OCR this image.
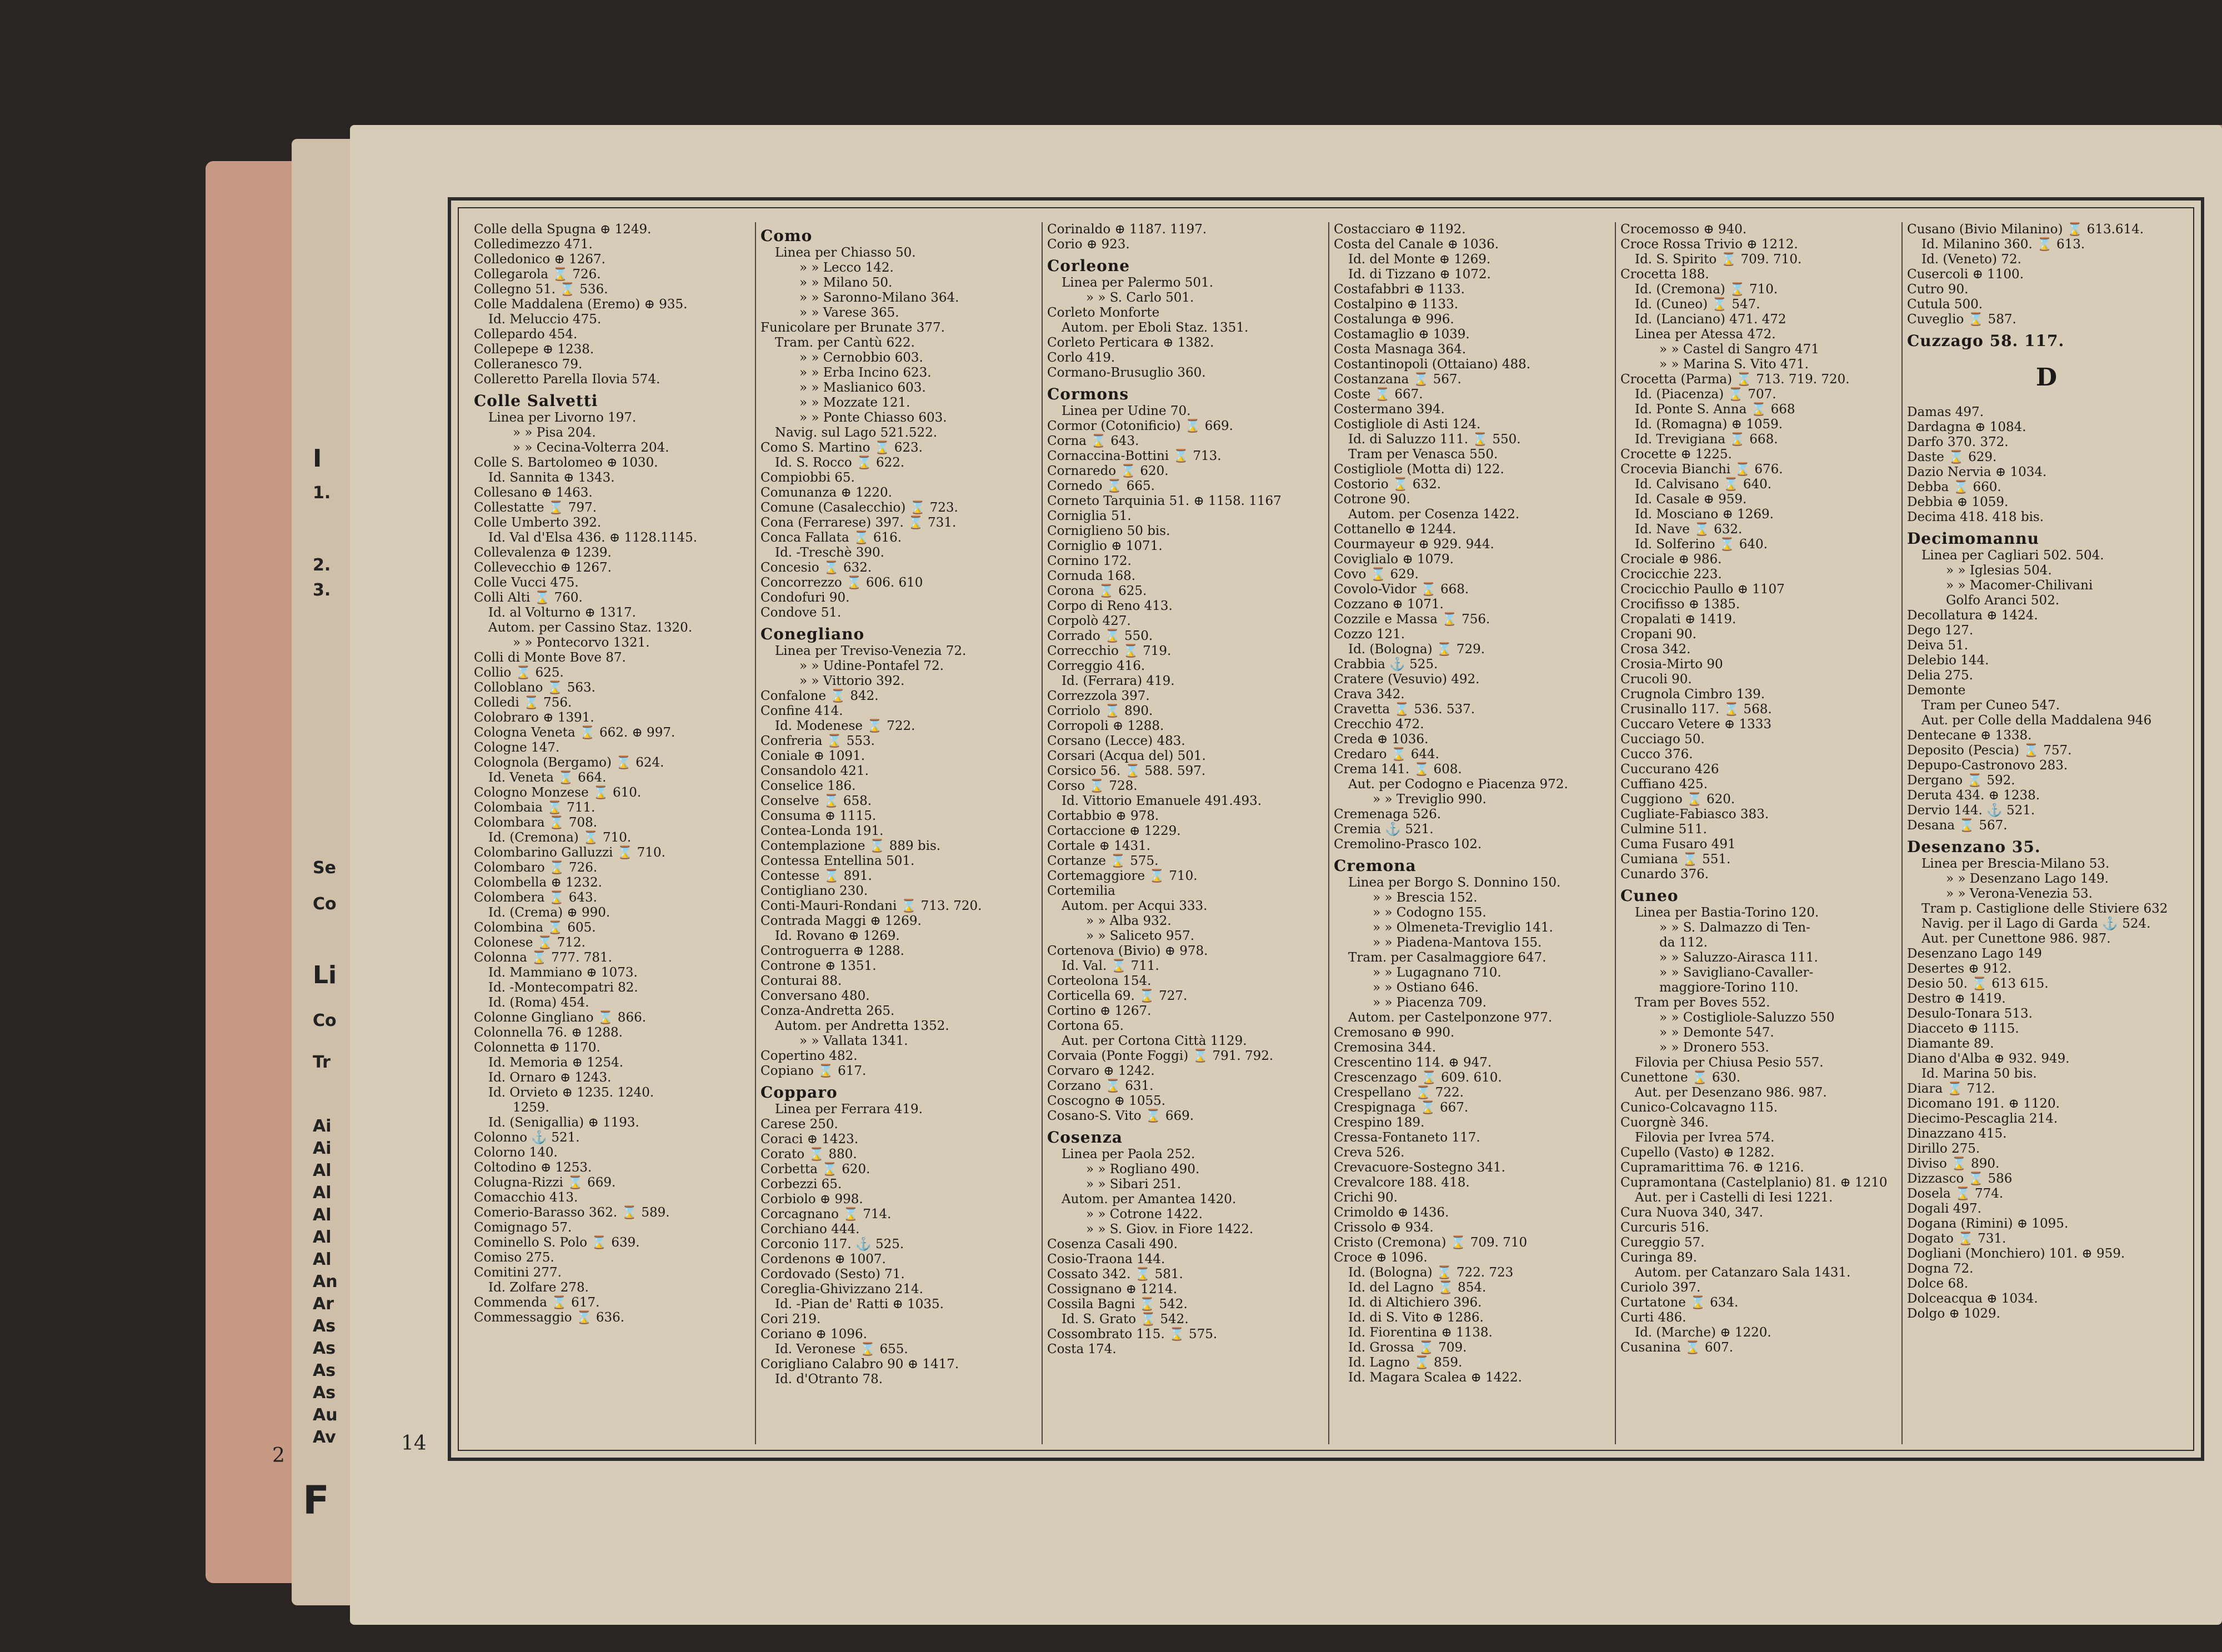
I
1.
2.
3.
Se
Co
Li
Co
Tr
Ai
Ai
Al
Al
Al
Al
Al
An
Ar
As
As
As
As
Au
Av
2
F
Colle della Spugna ⊕ 1249.
Colledimezzo 471.
Colledonico ⊕ 1267.
Collegarola ⌛ 726.
Collegno 51. ⌛ 536.
Colle Maddalena (Eremo) ⊕ 935.
Id. Meluccio 475.
Collepardo 454.
Collepepe ⊕ 1238.
Colleranesco 79.
Colleretto Parella Ilovia 574.
Colle Salvetti
Linea per Livorno 197.
» » Pisa 204.
» » Cecina-Volterra 204.
Colle S. Bartolomeo ⊕ 1030.
Id. Sannita ⊕ 1343.
Collesano ⊕ 1463.
Collestatte ⌛ 797.
Colle Umberto 392.
Id. Val d'Elsa 436. ⊕ 1128.1145.
Collevalenza ⊕ 1239.
Collevecchio ⊕ 1267.
Colle Vucci 475.
Colli Alti ⌛ 760.
Id. al Volturno ⊕ 1317.
Autom. per Cassino Staz. 1320.
» » Pontecorvo 1321.
Colli di Monte Bove 87.
Collio ⌛ 625.
Colloblano ⌛ 563.
Colledi ⌛ 756.
Colobraro ⊕ 1391.
Cologna Veneta ⌛ 662. ⊕ 997.
Cologne 147.
Colognola (Bergamo) ⌛ 624.
Id. Veneta ⌛ 664.
Cologno Monzese ⌛ 610.
Colombaia ⌛ 711.
Colombara ⌛ 708.
Id. (Cremona) ⌛ 710.
Colombarino Galluzzi ⌛ 710.
Colombaro ⌛ 726.
Colombella ⊕ 1232.
Colombera ⌛ 643.
Id. (Crema) ⊕ 990.
Colombina ⌛ 605.
Colonese ⌛ 712.
Colonna ⌛ 777. 781.
Id. Mammiano ⊕ 1073.
Id. -Montecompatri 82.
Id. (Roma) 454.
Colonne Gingliano ⌛ 866.
Colonnella 76. ⊕ 1288.
Colonnetta ⊕ 1170.
Id. Memoria ⊕ 1254.
Id. Ornaro ⊕ 1243.
Id. Orvieto ⊕ 1235. 1240.
1259.
Id. (Senigallia) ⊕ 1193.
Colonno ⚓ 521.
Colorno 140.
Coltodino ⊕ 1253.
Colugna-Rizzi ⌛ 669.
Comacchio 413.
Comerio-Barasso 362. ⌛ 589.
Comignago 57.
Cominello S. Polo ⌛ 639.
Comiso 275.
Comitini 277.
Id. Zolfare 278.
Commenda ⌛ 617.
Commessaggio ⌛ 636.
Como
Linea per Chiasso 50.
» » Lecco 142.
» » Milano 50.
» » Saronno-Milano 364.
» » Varese 365.
Funicolare per Brunate 377.
Tram. per Cantù 622.
» » Cernobbio 603.
» » Erba Incino 623.
» » Maslianico 603.
» » Mozzate 121.
» » Ponte Chiasso 603.
Navig. sul Lago 521.522.
Como S. Martino ⌛ 623.
Id. S. Rocco ⌛ 622.
Compiobbi 65.
Comunanza ⊕ 1220.
Comune (Casalecchio) ⌛ 723.
Cona (Ferrarese) 397. ⌛ 731.
Conca Fallata ⌛ 616.
Id. -Treschè 390.
Concesio ⌛ 632.
Concorrezzo ⌛ 606. 610
Condofuri 90.
Condove 51.
Conegliano
Linea per Treviso-Venezia 72.
» » Udine-Pontafel 72.
» » Vittorio 392.
Confalone ⌛ 842.
Confine 414.
Id. Modenese ⌛ 722.
Confreria ⌛ 553.
Coniale ⊕ 1091.
Consandolo 421.
Conselice 186.
Conselve ⌛ 658.
Consuma ⊕ 1115.
Contea-Londa 191.
Contemplazione ⌛ 889 bis.
Contessa Entellina 501.
Contesse ⌛ 891.
Contigliano 230.
Conti-Mauri-Rondani ⌛ 713. 720.
Contrada Maggi ⊕ 1269.
Id. Rovano ⊕ 1269.
Controguerra ⊕ 1288.
Controne ⊕ 1351.
Conturai 88.
Conversano 480.
Conza-Andretta 265.
Autom. per Andretta 1352.
» » Vallata 1341.
Copertino 482.
Copiano ⌛ 617.
Copparo
Linea per Ferrara 419.
Carese 250.
Coraci ⊕ 1423.
Corato ⌛ 880.
Corbetta ⌛ 620.
Corbezzi 65.
Corbiolo ⊕ 998.
Corcagnano ⌛ 714.
Corchiano 444.
Corconio 117. ⚓ 525.
Cordenons ⊕ 1007.
Cordovado (Sesto) 71.
Coreglia-Ghivizzano 214.
Id. -Pian de' Ratti ⊕ 1035.
Cori 219.
Coriano ⊕ 1096.
Id. Veronese ⌛ 655.
Corigliano Calabro 90 ⊕ 1417.
Id. d'Otranto 78.
Corinaldo ⊕ 1187. 1197.
Corio ⊕ 923.
Corleone
Linea per Palermo 501.
» » S. Carlo 501.
Corleto Monforte
Autom. per Eboli Staz. 1351.
Corleto Perticara ⊕ 1382.
Corlo 419.
Cormano-Brusuglio 360.
Cormons
Linea per Udine 70.
Cormor (Cotonificio) ⌛ 669.
Corna ⌛ 643.
Cornaccina-Bottini ⌛ 713.
Cornaredo ⌛ 620.
Cornedo ⌛ 665.
Corneto Tarquinia 51. ⊕ 1158. 1167
Corniglia 51.
Corniglieno 50 bis.
Corniglio ⊕ 1071.
Cornino 172.
Cornuda 168.
Corona ⌛ 625.
Corpo di Reno 413.
Corpolò 427.
Corrado ⌛ 550.
Correcchio ⌛ 719.
Correggio 416.
Id. (Ferrara) 419.
Correzzola 397.
Corriolo ⌛ 890.
Corropoli ⊕ 1288.
Corsano (Lecce) 483.
Corsari (Acqua del) 501.
Corsico 56. ⌛ 588. 597.
Corso ⌛ 728.
Id. Vittorio Emanuele 491.493.
Cortabbio ⊕ 978.
Cortaccione ⊕ 1229.
Cortale ⊕ 1431.
Cortanze ⌛ 575.
Cortemaggiore ⌛ 710.
Cortemilia
Autom. per Acqui 333.
» » Alba 932.
» » Saliceto 957.
Cortenova (Bivio) ⊕ 978.
Id. Val. ⌛ 711.
Corteolona 154.
Corticella 69. ⌛ 727.
Cortino ⊕ 1267.
Cortona 65.
Aut. per Cortona Città 1129.
Corvaia (Ponte Foggi) ⌛ 791. 792.
Corvaro ⊕ 1242.
Corzano ⌛ 631.
Coscogno ⊕ 1055.
Cosano-S. Vito ⌛ 669.
Cosenza
Linea per Paola 252.
» » Rogliano 490.
» » Sibari 251.
Autom. per Amantea 1420.
» » Cotrone 1422.
» » S. Giov. in Fiore 1422.
Cosenza Casali 490.
Cosio-Traona 144.
Cossato 342. ⌛ 581.
Cossignano ⊕ 1214.
Cossila Bagni ⌛ 542.
Id. S. Grato ⌛ 542.
Cossombrato 115. ⌛ 575.
Costa 174.
Costacciaro ⊕ 1192.
Costa del Canale ⊕ 1036.
Id. del Monte ⊕ 1269.
Id. di Tizzano ⊕ 1072.
Costafabbri ⊕ 1133.
Costalpino ⊕ 1133.
Costalunga ⊕ 996.
Costamaglio ⊕ 1039.
Costa Masnaga 364.
Costantinopoli (Ottaiano) 488.
Costanzana ⌛ 567.
Coste ⌛ 667.
Costermano 394.
Costigliole di Asti 124.
Id. di Saluzzo 111. ⌛ 550.
Tram per Venasca 550.
Costigliole (Motta di) 122.
Costorio ⌛ 632.
Cotrone 90.
Autom. per Cosenza 1422.
Cottanello ⊕ 1244.
Courmayeur ⊕ 929. 944.
Coviglialo ⊕ 1079.
Covo ⌛ 629.
Covolo-Vidor ⌛ 668.
Cozzano ⊕ 1071.
Cozzile e Massa ⌛ 756.
Cozzo 121.
Id. (Bologna) ⌛ 729.
Crabbia ⚓ 525.
Cratere (Vesuvio) 492.
Crava 342.
Cravetta ⌛ 536. 537.
Crecchio 472.
Creda ⊕ 1036.
Credaro ⌛ 644.
Crema 141. ⌛ 608.
Aut. per Codogno e Piacenza 972.
» » Treviglio 990.
Cremenaga 526.
Cremia ⚓ 521.
Cremolino-Prasco 102.
Cremona
Linea per Borgo S. Donnino 150.
» » Brescia 152.
» » Codogno 155.
» » Olmeneta-Treviglio 141.
» » Piadena-Mantova 155.
Tram. per Casalmaggiore 647.
» » Lugagnano 710.
» » Ostiano 646.
» » Piacenza 709.
Autom. per Castelponzone 977.
Cremosano ⊕ 990.
Cremosina 344.
Crescentino 114. ⊕ 947.
Crescenzago ⌛ 609. 610.
Crespellano ⌛ 722.
Crespignaga ⌛ 667.
Crespino 189.
Cressa-Fontaneto 117.
Creva 526.
Crevacuore-Sostegno 341.
Crevalcore 188. 418.
Crichi 90.
Crimoldo ⊕ 1436.
Crissolo ⊕ 934.
Cristo (Cremona) ⌛ 709. 710
Croce ⊕ 1096.
Id. (Bologna) ⌛ 722. 723
Id. del Lagno ⌛ 854.
Id. di Altichiero 396.
Id. di S. Vito ⊕ 1286.
Id. Fiorentina ⊕ 1138.
Id. Grossa ⌛ 709.
Id. Lagno ⌛ 859.
Id. Magara Scalea ⊕ 1422.
Crocemosso ⊕ 940.
Croce Rossa Trivio ⊕ 1212.
Id. S. Spirito ⌛ 709. 710.
Crocetta 188.
Id. (Cremona) ⌛ 710.
Id. (Cuneo) ⌛ 547.
Id. (Lanciano) 471. 472
Linea per Atessa 472.
» » Castel di Sangro 471
» » Marina S. Vito 471.
Crocetta (Parma) ⌛ 713. 719. 720.
Id. (Piacenza) ⌛ 707.
Id. Ponte S. Anna ⌛ 668
Id. (Romagna) ⊕ 1059.
Id. Trevigiana ⌛ 668.
Crocette ⊕ 1225.
Crocevia Bianchi ⌛ 676.
Id. Calvisano ⌛ 640.
Id. Casale ⊕ 959.
Id. Mosciano ⊕ 1269.
Id. Nave ⌛ 632.
Id. Solferino ⌛ 640.
Crociale ⊕ 986.
Crocicchie 223.
Crocicchio Paullo ⊕ 1107
Crocifisso ⊕ 1385.
Cropalati ⊕ 1419.
Cropani 90.
Crosa 342.
Crosia-Mirto 90
Crucoli 90.
Crugnola Cimbro 139.
Crusinallo 117. ⌛ 568.
Cuccaro Vetere ⊕ 1333
Cucciago 50.
Cucco 376.
Cuccurano 426
Cuffiano 425.
Cuggiono ⌛ 620.
Cugliate-Fabiasco 383.
Culmine 511.
Cuma Fusaro 491
Cumiana ⌛ 551.
Cunardo 376.
Cuneo
Linea per Bastia-Torino 120.
» » S. Dalmazzo di Ten-
da 112.
» » Saluzzo-Airasca 111.
» » Savigliano-Cavaller-
maggiore-Torino 110.
Tram per Boves 552.
» » Costigliole-Saluzzo 550
» » Demonte 547.
» » Dronero 553.
Filovia per Chiusa Pesio 557.
Cunettone ⌛ 630.
Aut. per Desenzano 986. 987.
Cunico-Colcavagno 115.
Cuorgnè 346.
Filovia per Ivrea 574.
Cupello (Vasto) ⊕ 1282.
Cupramarittima 76. ⊕ 1216.
Cupramontana (Castelplanio) 81. ⊕ 1210
Aut. per i Castelli di Iesi 1221.
Cura Nuova 340, 347.
Curcuris 516.
Cureggio 57.
Curinga 89.
Autom. per Catanzaro Sala 1431.
Curiolo 397.
Curtatone ⌛ 634.
Curti 486.
Id. (Marche) ⊕ 1220.
Cusanina ⌛ 607.
Cusano (Bivio Milanino) ⌛ 613.614.
Id. Milanino 360. ⌛ 613.
Id. (Veneto) 72.
Cusercoli ⊕ 1100.
Cutro 90.
Cutula 500.
Cuveglio ⌛ 587.
Cuzzago 58. 117.
D
Damas 497.
Dardagna ⊕ 1084.
Darfo 370. 372.
Daste ⌛ 629.
Dazio Nervia ⊕ 1034.
Debba ⌛ 660.
Debbia ⊕ 1059.
Decima 418. 418 bis.
Decimomannu
Linea per Cagliari 502. 504.
» » Iglesias 504.
» » Macomer-Chilivani
Golfo Aranci 502.
Decollatura ⊕ 1424.
Dego 127.
Deiva 51.
Delebio 144.
Delia 275.
Demonte
Tram per Cuneo 547.
Aut. per Colle della Maddalena 946
Dentecane ⊕ 1338.
Deposito (Pescia) ⌛ 757.
Depupo-Castronovo 283.
Dergano ⌛ 592.
Deruta 434. ⊕ 1238.
Dervio 144. ⚓ 521.
Desana ⌛ 567.
Desenzano 35.
Linea per Brescia-Milano 53.
» » Desenzano Lago 149.
» » Verona-Venezia 53.
Tram p. Castiglione delle Stiviere 632
Navig. per il Lago di Garda ⚓ 524.
Aut. per Cunettone 986. 987.
Desenzano Lago 149
Desertes ⊕ 912.
Desio 50. ⌛ 613 615.
Destro ⊕ 1419.
Desulo-Tonara 513.
Diacceto ⊕ 1115.
Diamante 89.
Diano d'Alba ⊕ 932. 949.
Id. Marina 50 bis.
Diara ⌛ 712.
Dicomano 191. ⊕ 1120.
Diecimo-Pescaglia 214.
Dinazzano 415.
Dirillo 275.
Diviso ⌛ 890.
Dizzasco ⌛ 586
Dosela ⌛ 774.
Dogali 497.
Dogana (Rimini) ⊕ 1095.
Dogato ⌛ 731.
Dogliani (Monchiero) 101. ⊕ 959.
Dogna 72.
Dolce 68.
Dolceacqua ⊕ 1034.
Dolgo ⊕ 1029.
14
